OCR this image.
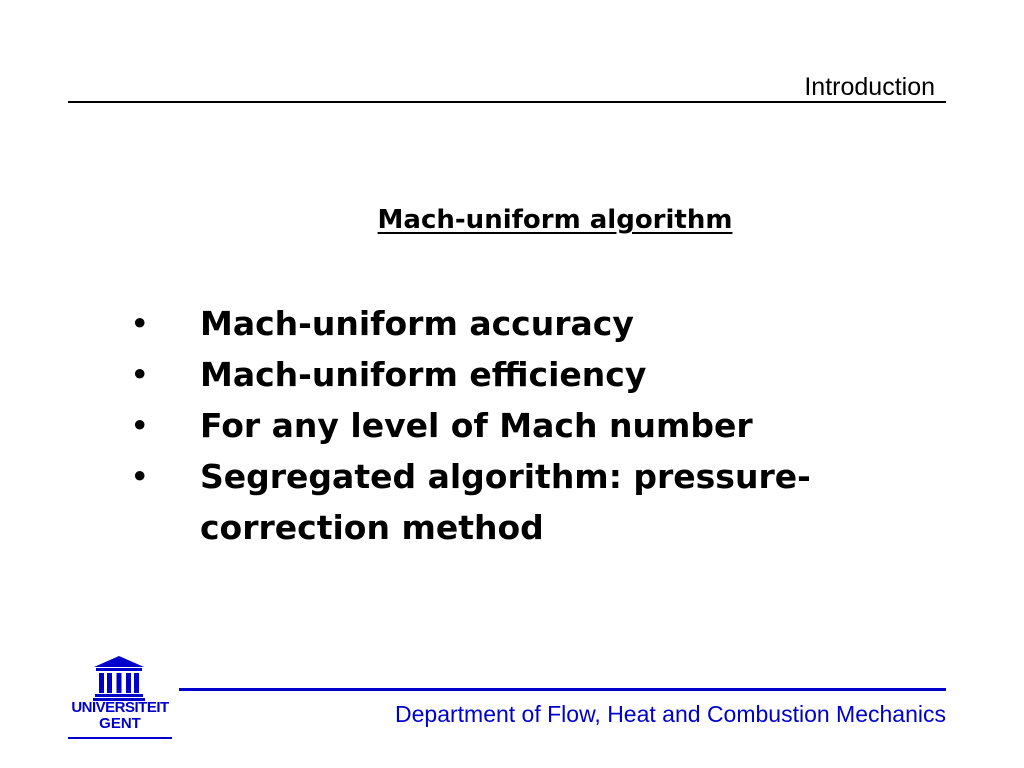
Introduction
Mach-uniform algorithm
• Mach-uniform accuracy
• Mach-uniform efficiency
• For any level of Mach number
• Segregated algorithm: pressure-correction method
UNIVERSITEIT
GENT	Department of Flow, Heat and Combustion Mechanics
